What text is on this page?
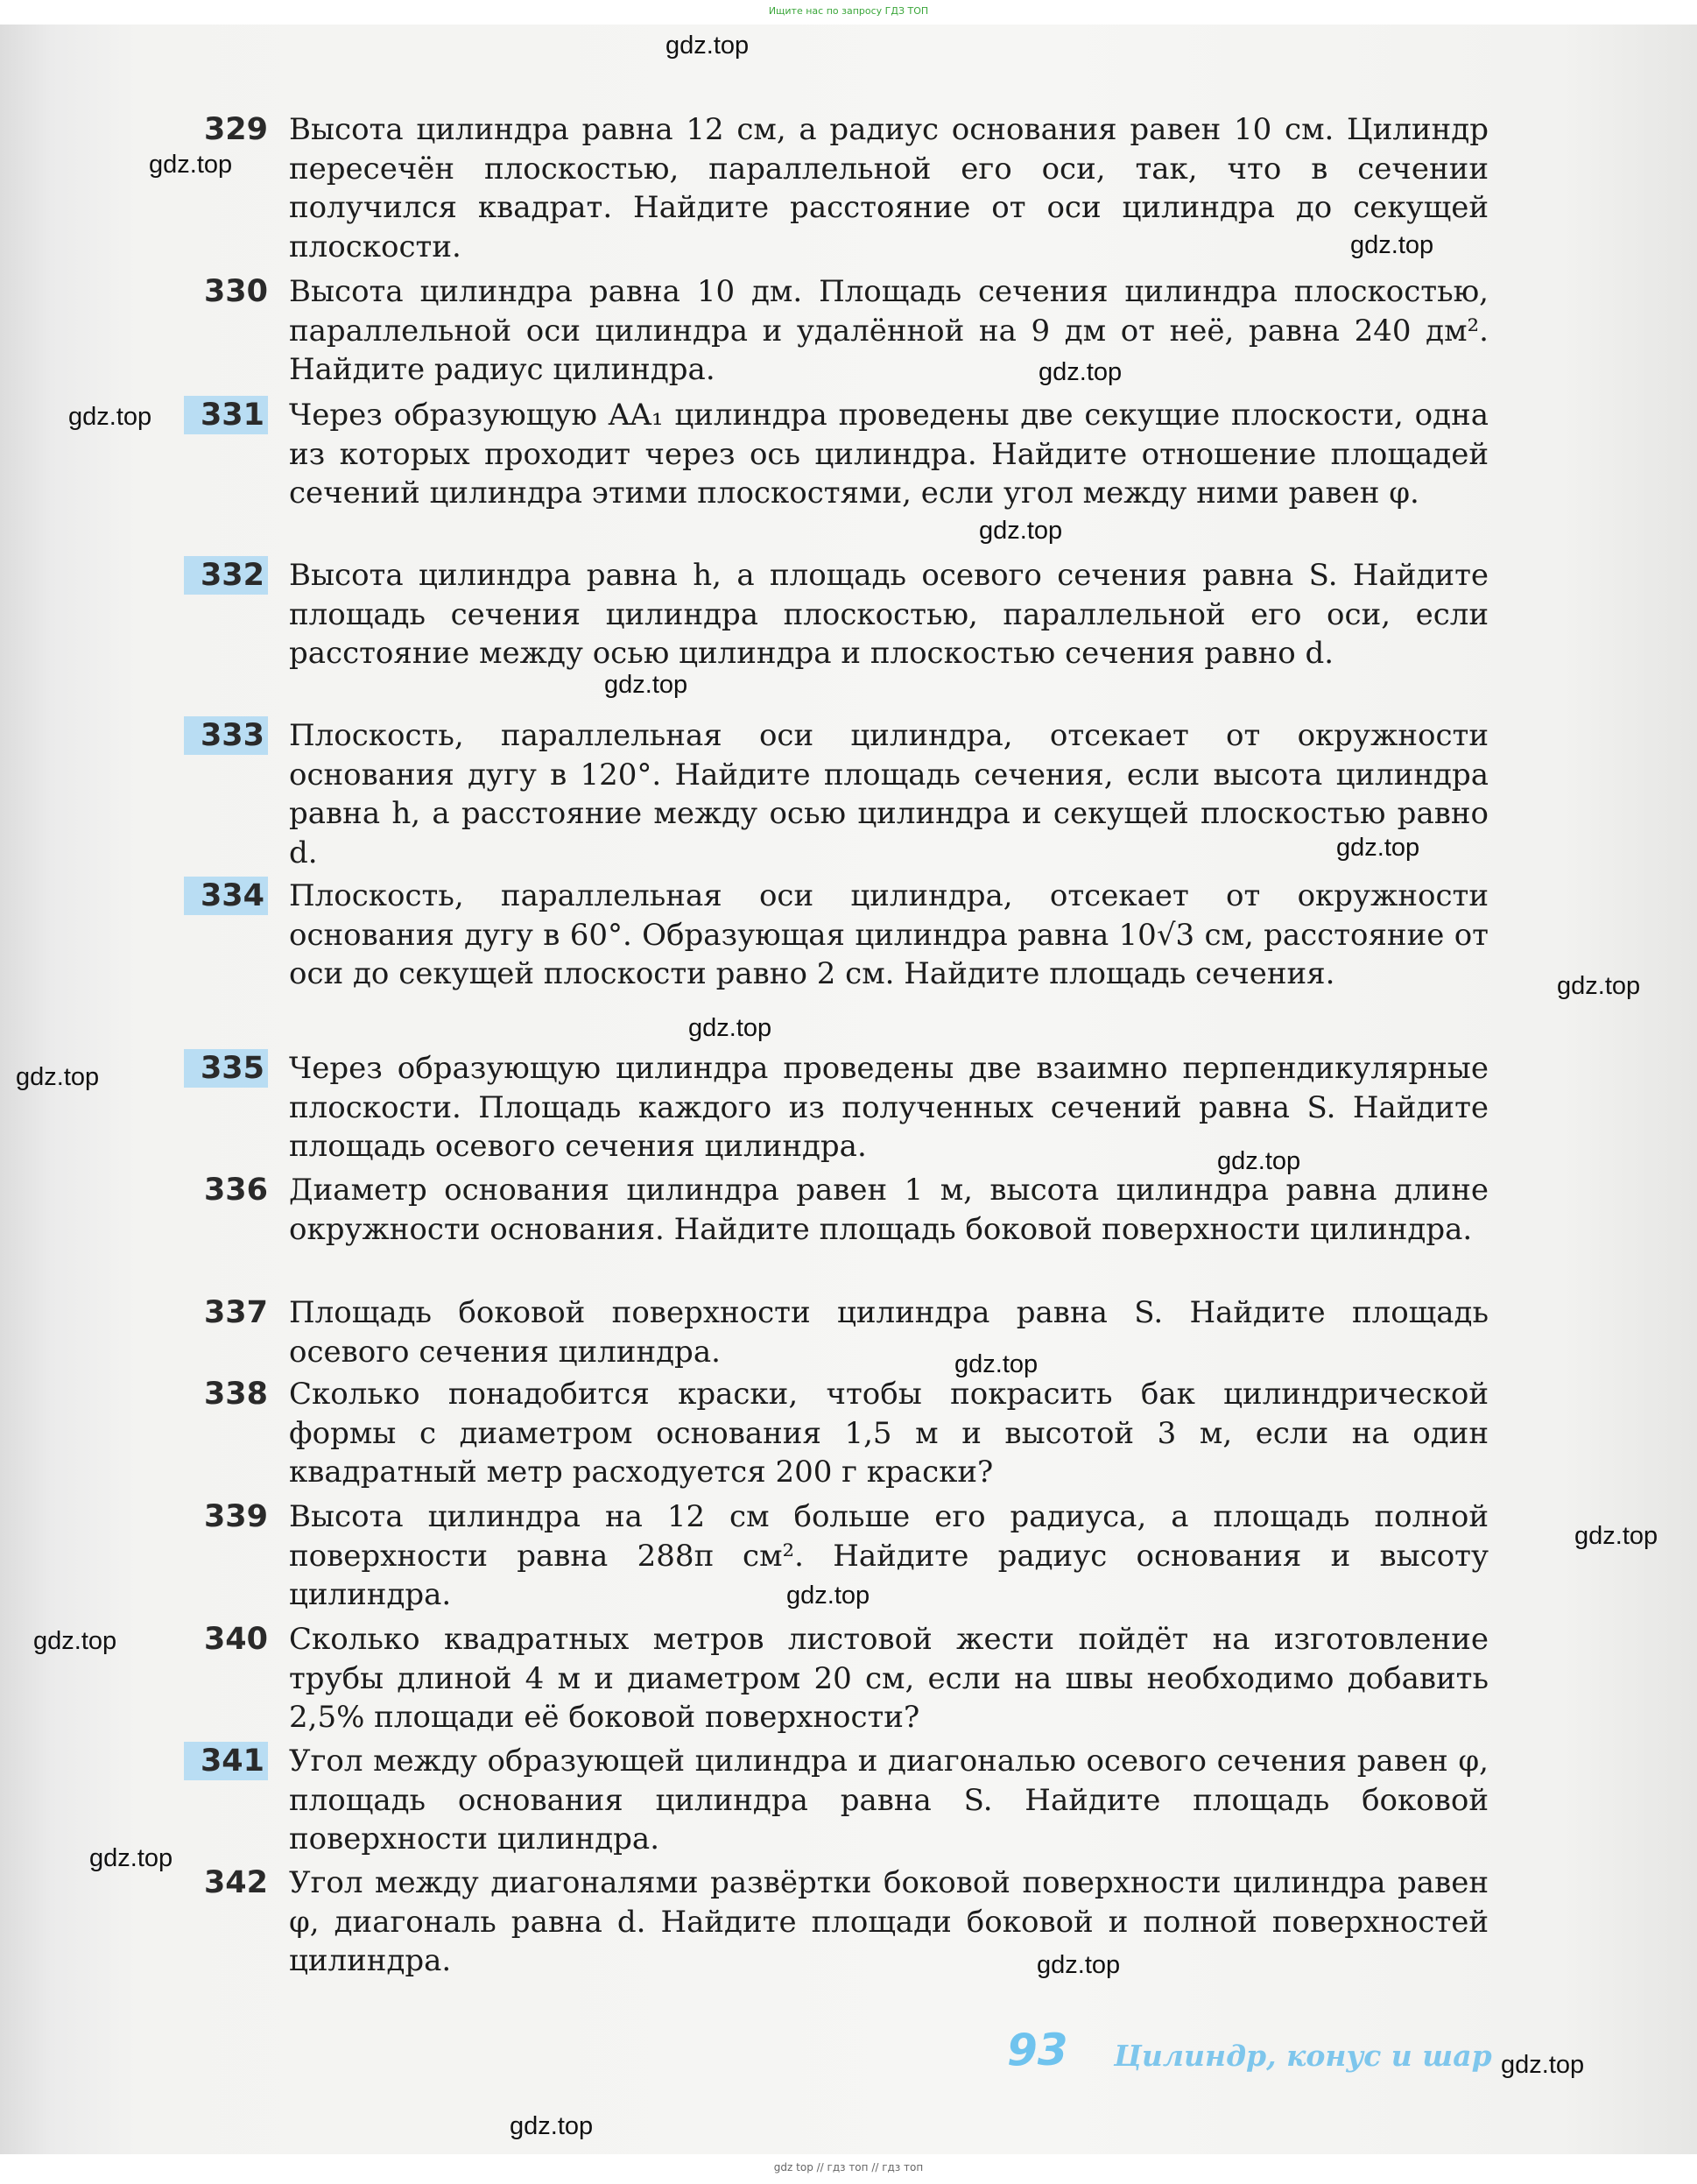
Ищите нас по запросу ГДЗ ТОП
329 Высота цилиндра равна 12 см, а радиус основания равен 10 см. Цилиндр пересечён плоскостью, параллельной его оси, так, что в сечении получился квадрат. Найдите расстояние от оси цилиндра до секущей плоскости.
330 Высота цилиндра равна 10 дм. Площадь сечения цилиндра плоскостью, параллельной оси цилиндра и удалённой на 9 дм от неё, равна 240 дм². Найдите радиус цилиндра.
331 Через образующую AA₁ цилиндра проведены две секущие плоскости, одна из которых проходит через ось цилиндра. Найдите отношение площадей сечений цилиндра этими плоскостями, если угол между ними равен φ.
332 Высота цилиндра равна h, а площадь осевого сечения равна S. Найдите площадь сечения цилиндра плоскостью, параллельной его оси, если расстояние между осью цилиндра и плоскостью сечения равно d.
333 Плоскость, параллельная оси цилиндра, отсекает от окружности основания дугу в 120°. Найдите площадь сечения, если высота цилиндра равна h, а расстояние между осью цилиндра и секущей плоскостью равно d.
334 Плоскость, параллельная оси цилиндра, отсекает от окружности основания дугу в 60°. Образующая цилиндра равна 10√3 см, расстояние от оси до секущей плоскости равно 2 см. Найдите площадь сечения.
335 Через образующую цилиндра проведены две взаимно перпендикулярные плоскости. Площадь каждого из полученных сечений равна S. Найдите площадь осевого сечения цилиндра.
336 Диаметр основания цилиндра равен 1 м, высота цилиндра равна длине окружности основания. Найдите площадь боковой поверхности цилиндра.
337 Площадь боковой поверхности цилиндра равна S. Найдите площадь осевого сечения цилиндра.
338 Сколько понадобится краски, чтобы покрасить бак цилиндрической формы с диаметром основания 1,5 м и высотой 3 м, если на один квадратный метр расходуется 200 г краски?
339 Высота цилиндра на 12 см больше его радиуса, а площадь полной поверхности равна 288π см². Найдите радиус основания и высоту цилиндра.
340 Сколько квадратных метров листовой жести пойдёт на изготовление трубы длиной 4 м и диаметром 20 см, если на швы необходимо добавить 2,5% площади её боковой поверхности?
341 Угол между образующей цилиндра и диагональю осевого сечения равен φ, площадь основания цилиндра равна S. Найдите площадь боковой поверхности цилиндра.
342 Угол между диагоналями развёртки боковой поверхности цилиндра равен φ, диагональ равна d. Найдите площади боковой и полной поверхностей цилиндра.
93 Цилиндр, конус и шар
gdz.top
gdz.top
gdz.top
gdz.top
gdz.top
gdz.top
gdz.top
gdz.top
gdz.top
gdz.top
gdz.top
gdz.top
gdz.top
gdz.top
gdz.top
gdz.top
gdz.top
gdz.top
gdz.top
gdz.top
gdz top // гдз топ // гдз топ
